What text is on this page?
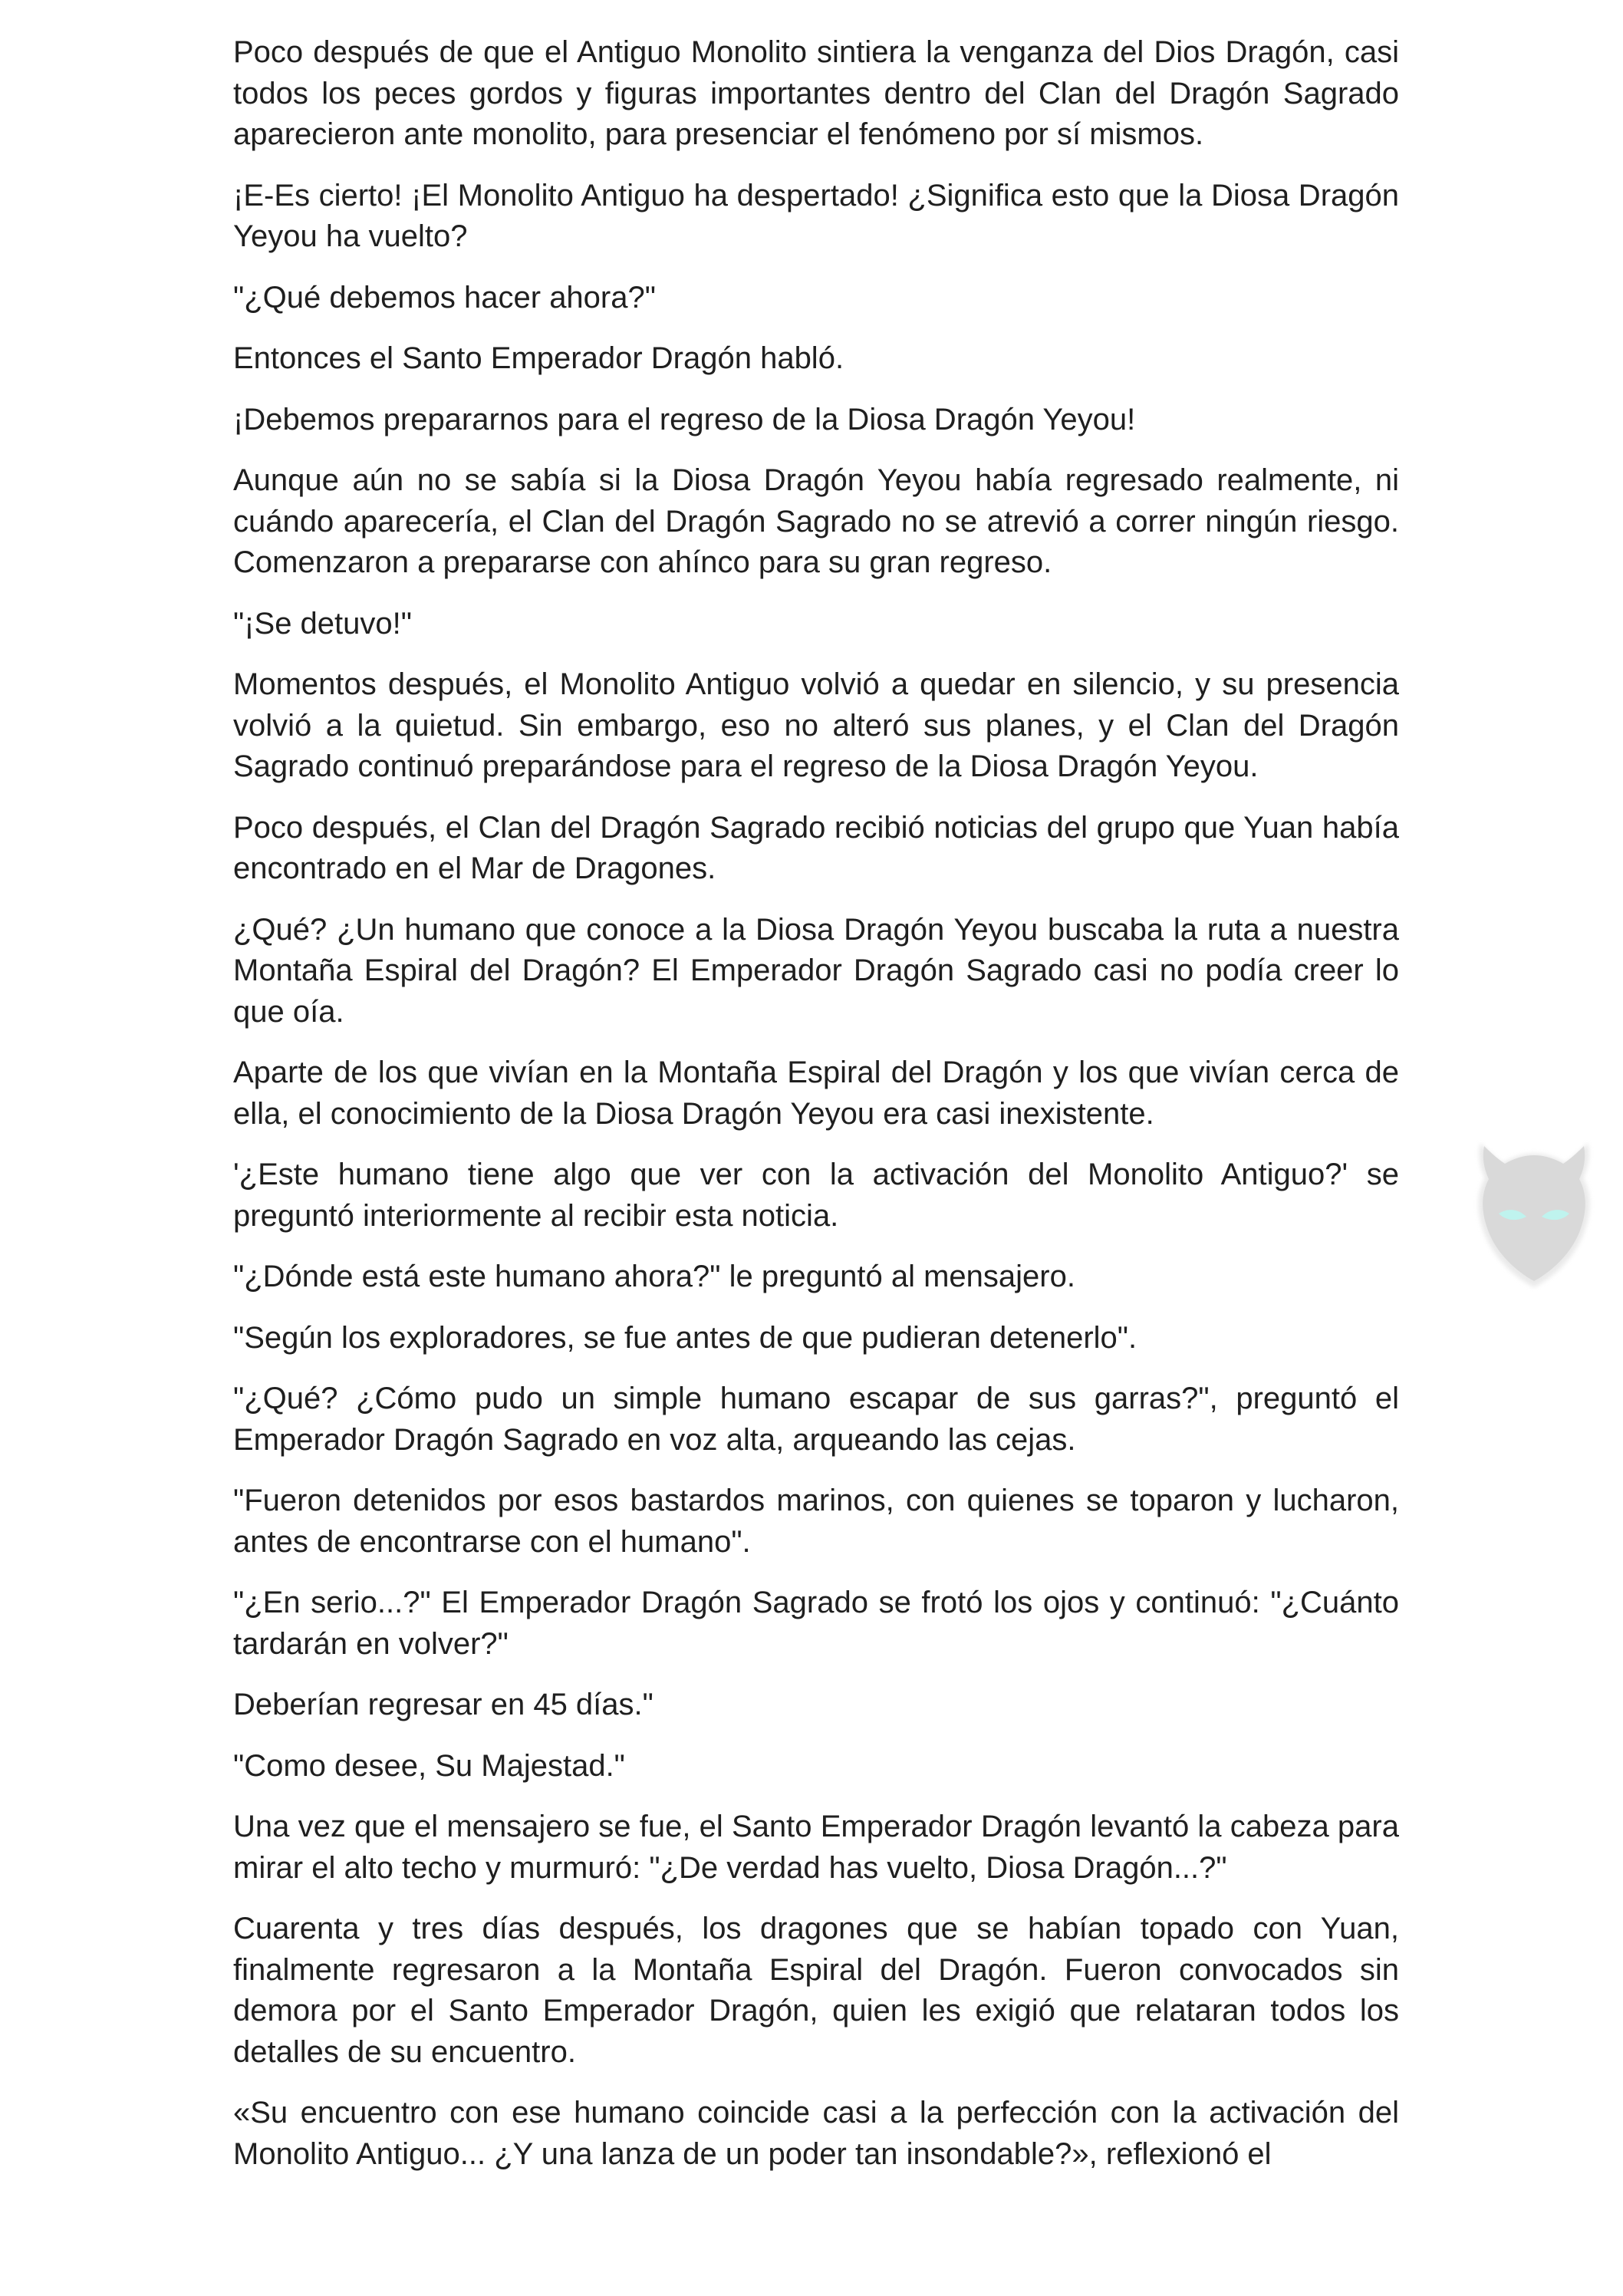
Poco después de que el Antiguo Monolito sintiera la venganza del Dios Dragón, casi todos los peces gordos y figuras importantes dentro del Clan del Dragón Sagrado aparecieron ante monolito, para presenciar el fenómeno por sí mismos.

¡E-Es cierto! ¡El Monolito Antiguo ha despertado! ¿Significa esto que la Diosa Dragón Yeyou ha vuelto?

"¿Qué debemos hacer ahora?"

Entonces el Santo Emperador Dragón habló.

¡Debemos prepararnos para el regreso de la Diosa Dragón Yeyou!

Aunque aún no se sabía si la Diosa Dragón Yeyou había regresado realmente, ni cuándo aparecería, el Clan del Dragón Sagrado no se atrevió a correr ningún riesgo. Comenzaron a prepararse con ahínco para su gran regreso.

"¡Se detuvo!"

Momentos después, el Monolito Antiguo volvió a quedar en silencio, y su presencia volvió a la quietud. Sin embargo, eso no alteró sus planes, y el Clan del Dragón Sagrado continuó preparándose para el regreso de la Diosa Dragón Yeyou.

Poco después, el Clan del Dragón Sagrado recibió noticias del grupo que Yuan había encontrado en el Mar de Dragones.

¿Qué? ¿Un humano que conoce a la Diosa Dragón Yeyou buscaba la ruta a nuestra Montaña Espiral del Dragón? El Emperador Dragón Sagrado casi no podía creer lo que oía.

Aparte de los que vivían en la Montaña Espiral del Dragón y los que vivían cerca de ella, el conocimiento de la Diosa Dragón Yeyou era casi inexistente.

'¿Este humano tiene algo que ver con la activación del Monolito Antiguo?' se preguntó interiormente al recibir esta noticia.

"¿Dónde está este humano ahora?" le preguntó al mensajero.

"Según los exploradores, se fue antes de que pudieran detenerlo".

"¿Qué? ¿Cómo pudo un simple humano escapar de sus garras?", preguntó el Emperador Dragón Sagrado en voz alta, arqueando las cejas.

"Fueron detenidos por esos bastardos marinos, con quienes se toparon y lucharon, antes de encontrarse con el humano".

"¿En serio...?" El Emperador Dragón Sagrado se frotó los ojos y continuó: "¿Cuánto tardarán en volver?"

Deberían regresar en 45 días."

"Como desee, Su Majestad."

Una vez que el mensajero se fue, el Santo Emperador Dragón levantó la cabeza para mirar el alto techo y murmuró: "¿De verdad has vuelto, Diosa Dragón...?"

Cuarenta y tres días después, los dragones que se habían topado con Yuan, finalmente regresaron a la Montaña Espiral del Dragón. Fueron convocados sin demora por el Santo Emperador Dragón, quien les exigió que relataran todos los detalles de su encuentro.

«Su encuentro con ese humano coincide casi a la perfección con la activación del Monolito Antiguo... ¿Y una lanza de un poder tan insondable?», reflexionó el
